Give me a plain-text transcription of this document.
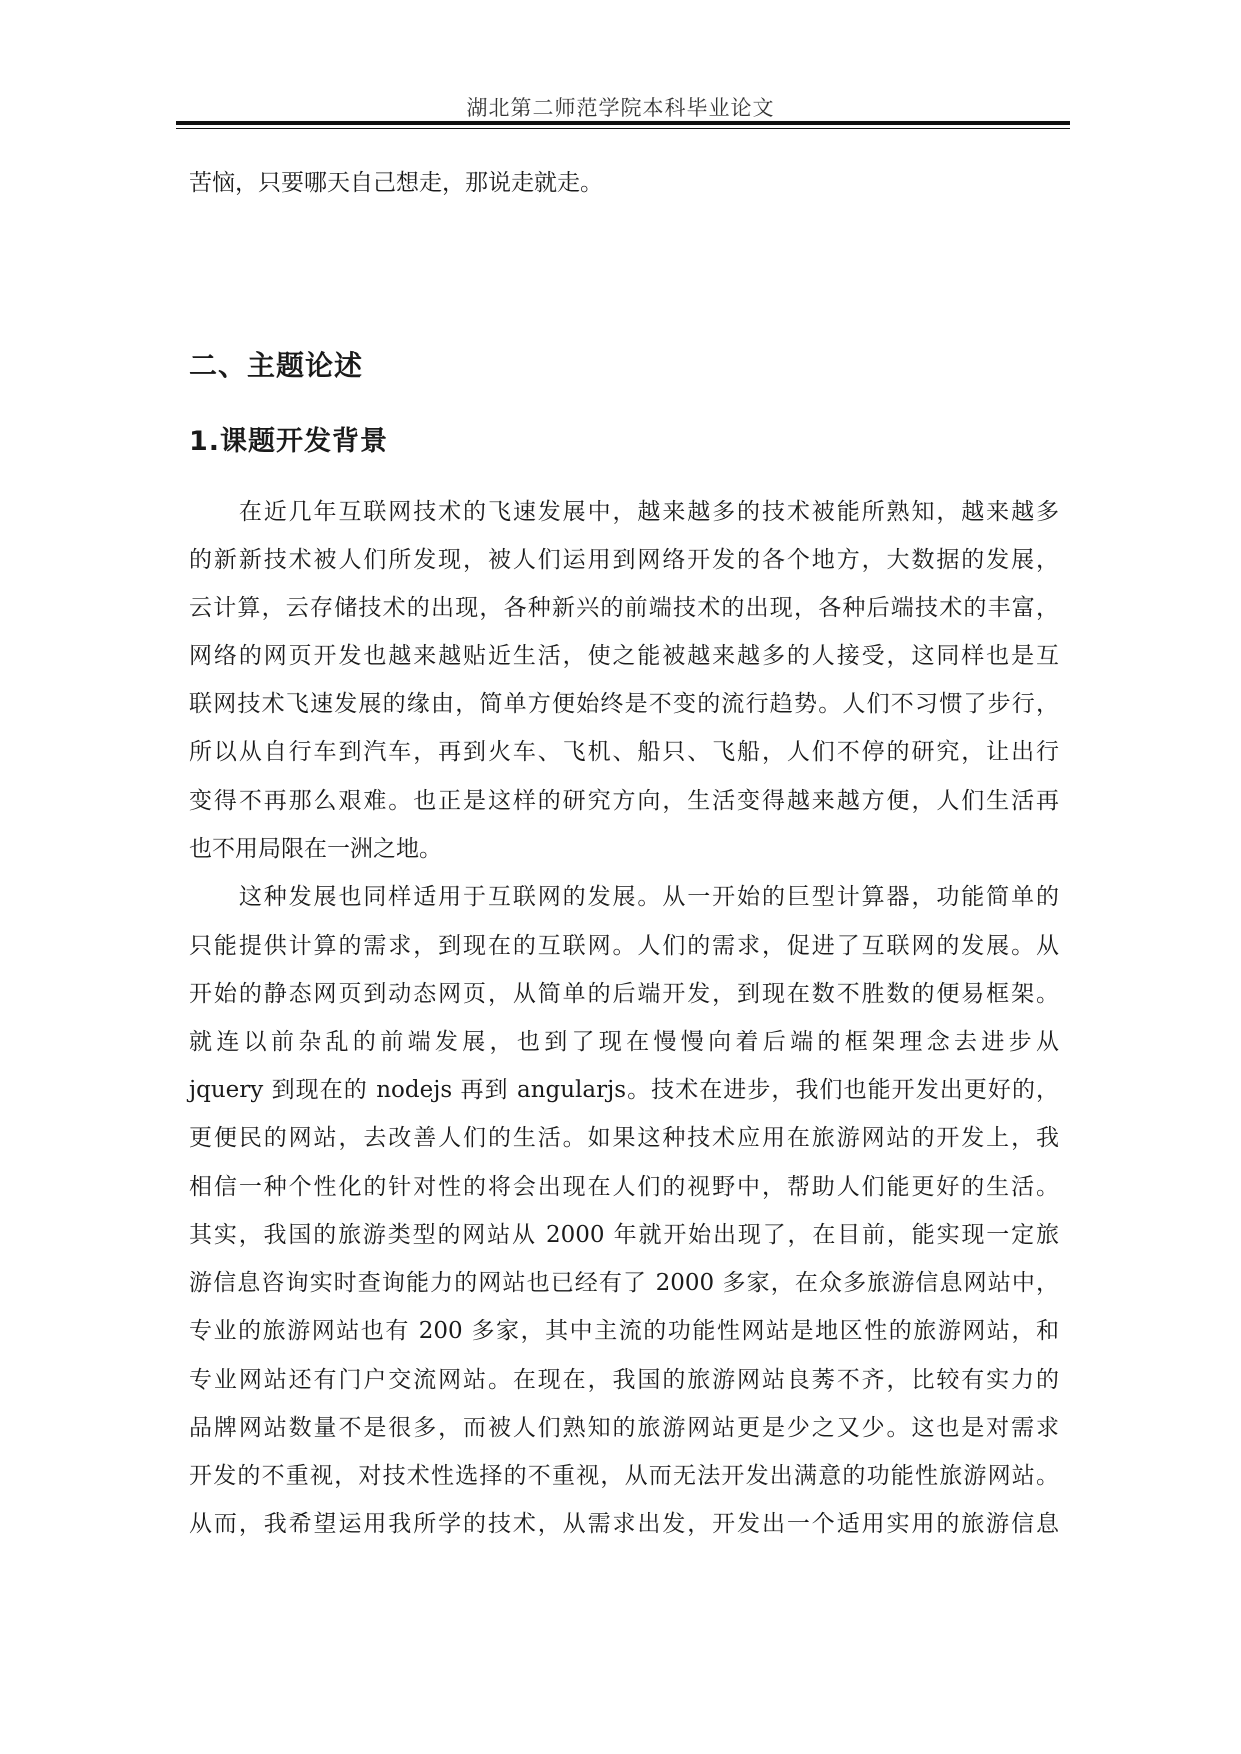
湖北第二师范学院本科毕业论文
苦恼，只要哪天自己想走，那说走就走。
二、主题论述
1.课题开发背景
　　在近几年互联网技术的飞速发展中，越来越多的技术被能所熟知，越来越多
的新新技术被人们所发现，被人们运用到网络开发的各个地方，大数据的发展，
云计算，云存储技术的出现，各种新兴的前端技术的出现，各种后端技术的丰富，
网络的网页开发也越来越贴近生活，使之能被越来越多的人接受，这同样也是互
联网技术飞速发展的缘由，简单方便始终是不变的流行趋势。人们不习惯了步行，
所以从自行车到汽车，再到火车、飞机、船只、飞船，人们不停的研究，让出行
变得不再那么艰难。也正是这样的研究方向，生活变得越来越方便，人们生活再
也不用局限在一洲之地。
　　这种发展也同样适用于互联网的发展。从一开始的巨型计算器，功能简单的
只能提供计算的需求，到现在的互联网。人们的需求，促进了互联网的发展。从
开始的静态网页到动态网页，从简单的后端开发，到现在数不胜数的便易框架。
就连以前杂乱的前端发展，也到了现在慢慢向着后端的框架理念去进步从
jquery 到现在的 nodejs 再到 angularjs。技术在进步，我们也能开发出更好的，
更便民的网站，去改善人们的生活。如果这种技术应用在旅游网站的开发上，我
相信一种个性化的针对性的将会出现在人们的视野中，帮助人们能更好的生活。
其实，我国的旅游类型的网站从 2000 年就开始出现了，在目前，能实现一定旅
游信息咨询实时查询能力的网站也已经有了 2000 多家，在众多旅游信息网站中，
专业的旅游网站也有 200 多家，其中主流的功能性网站是地区性的旅游网站，和
专业网站还有门户交流网站。在现在，我国的旅游网站良莠不齐，比较有实力的
品牌网站数量不是很多，而被人们熟知的旅游网站更是少之又少。这也是对需求
开发的不重视，对技术性选择的不重视，从而无法开发出满意的功能性旅游网站。
从而，我希望运用我所学的技术，从需求出发，开发出一个适用实用的旅游信息
